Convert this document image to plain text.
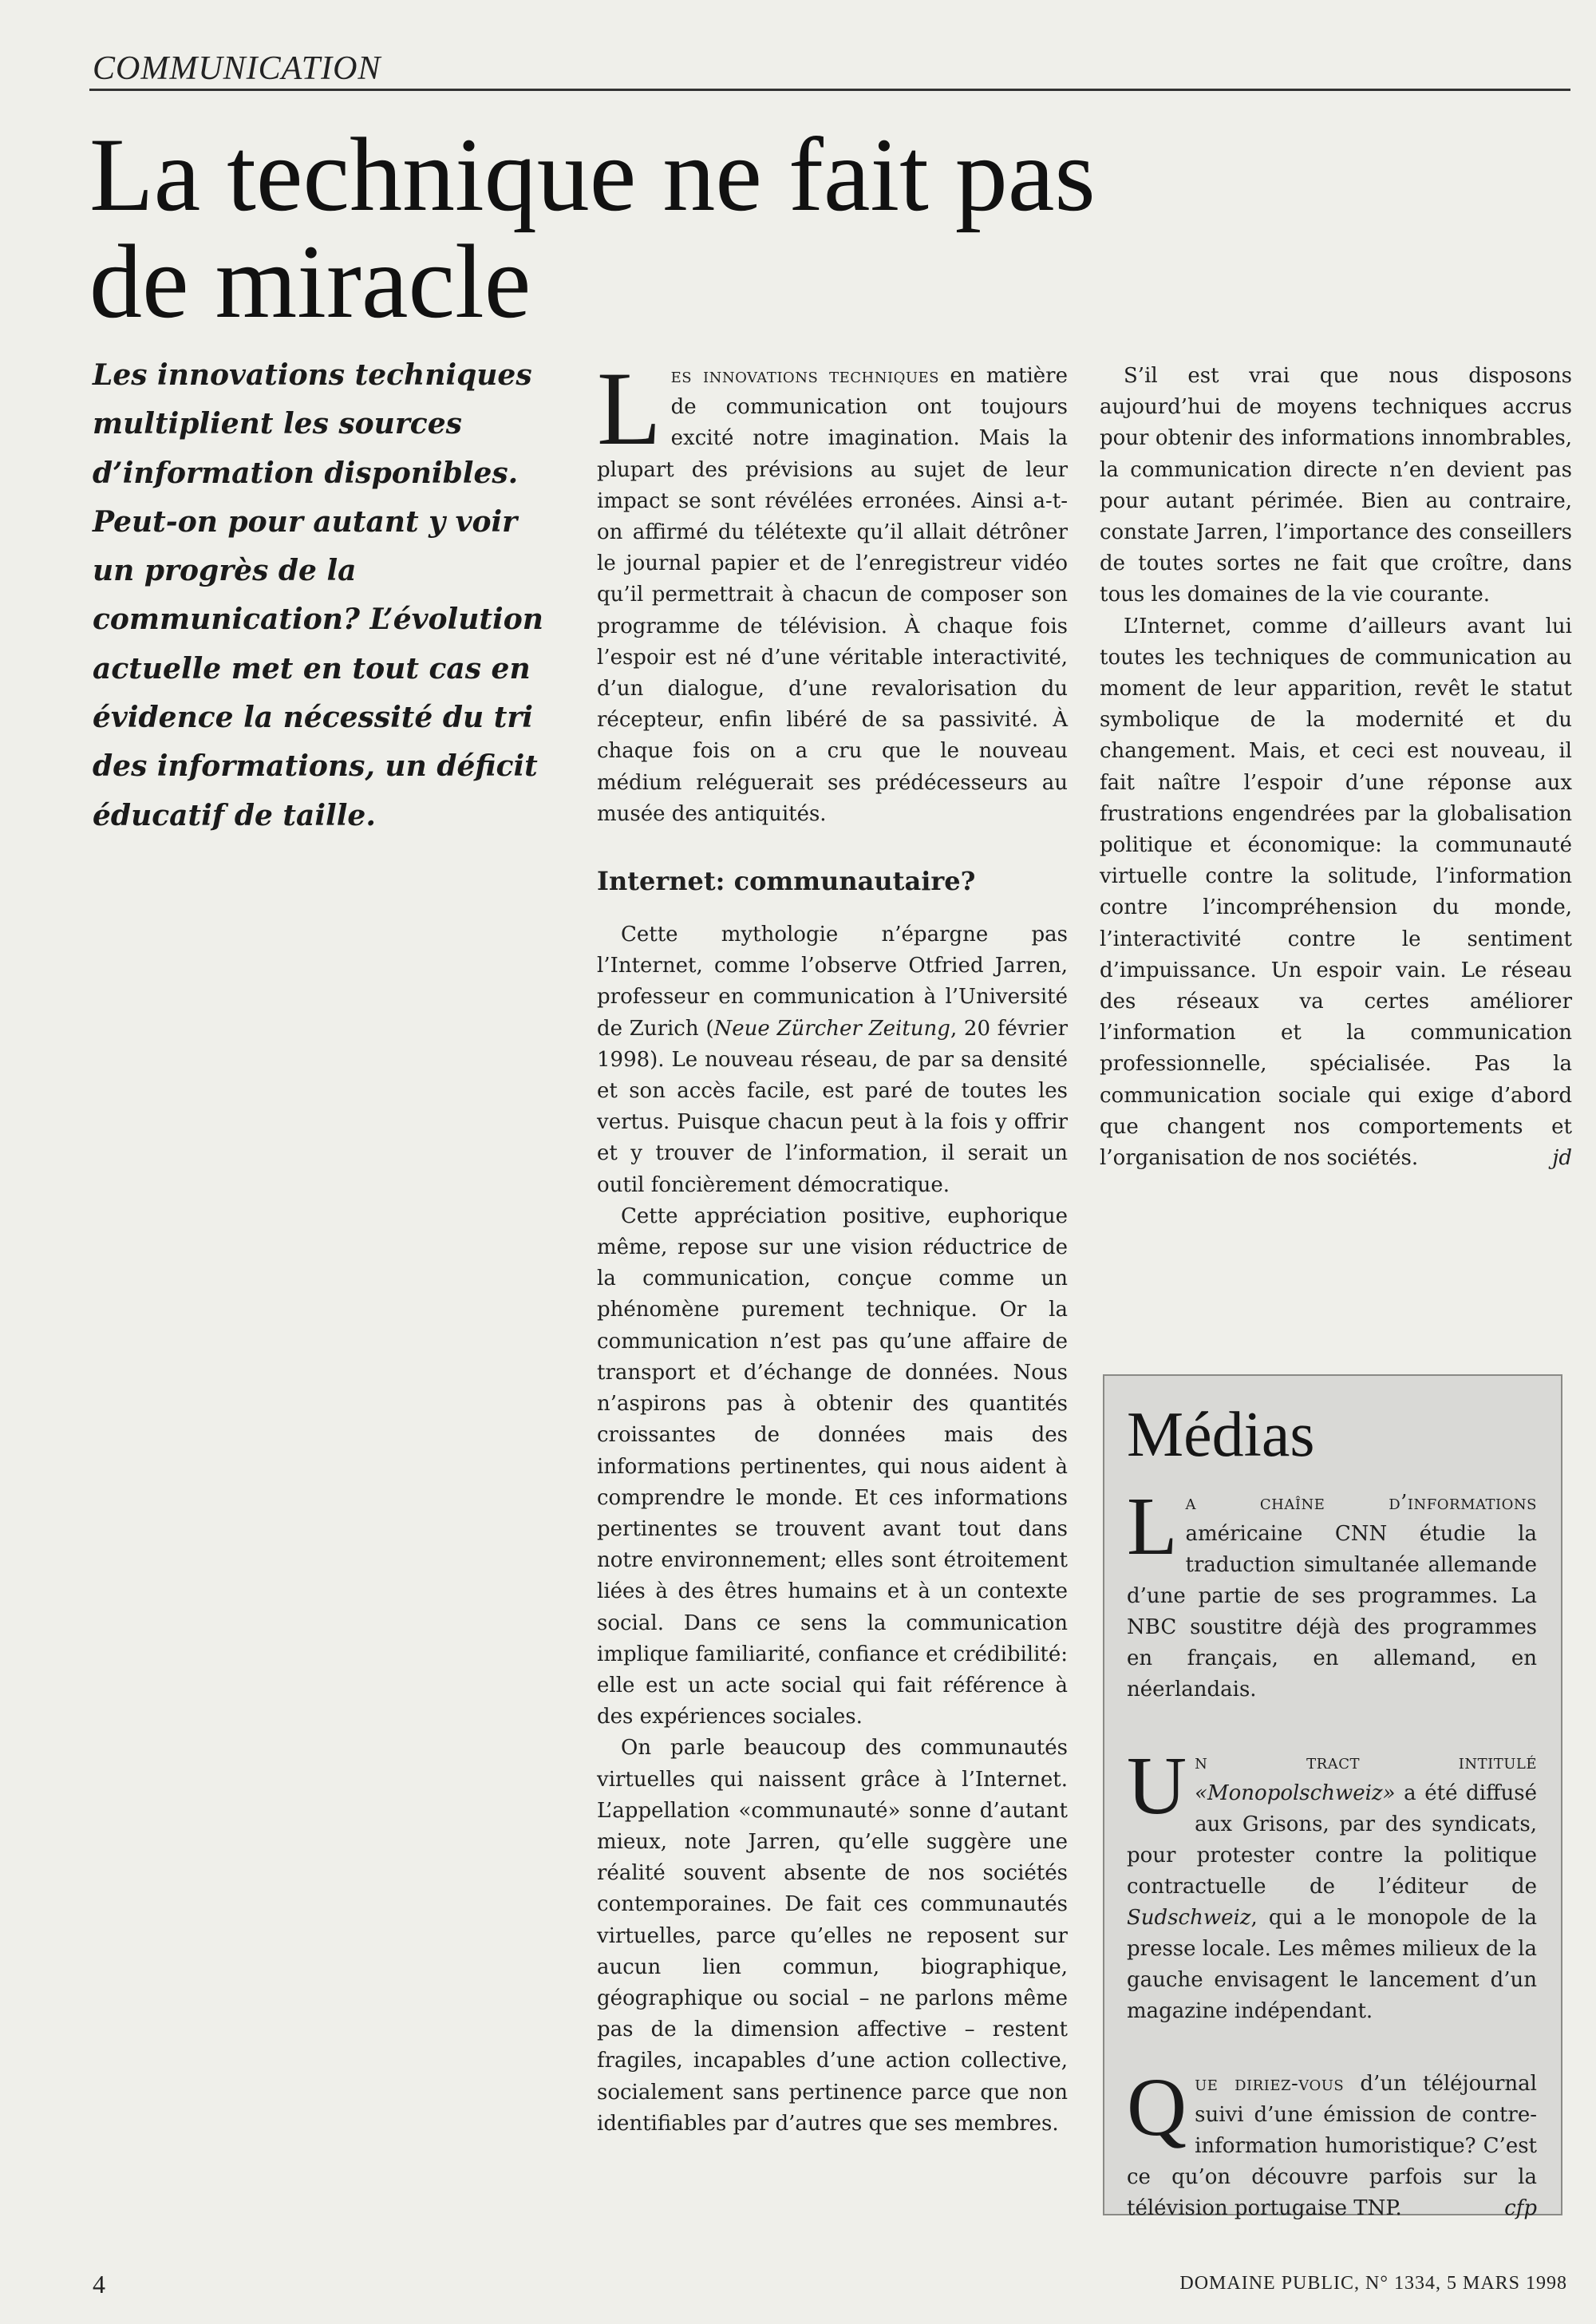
COMMUNICATION
La technique ne fait pas de miracle
Les innovations techniques multiplient les sources d’information disponibles. Peut-on pour autant y voir un progrès de la communication? L’évolution actuelle met en tout cas en évidence la nécessité du tri des informations, un déficit éducatif de taille.

Les innovations techniques en matière de communication ont toujours excité notre imagination. Mais la plupart des prévisions au sujet de leur impact se sont révélées erronées. Ainsi a-t-on affirmé du télétexte qu’il allait détrôner le journal papier et de l’enregistreur vidéo qu’il permettrait à chacun de composer son programme de télévision. À chaque fois l’espoir est né d’une véritable interactivité, d’un dialogue, d’une revalorisation du récepteur, enfin libéré de sa passivité. À chaque fois on a cru que le nouveau médium reléguerait ses prédécesseurs au musée des antiquités.

Internet: communautaire?

Cette mythologie n’épargne pas l’Internet, comme l’observe Otfried Jarren, professeur en communication à l’Université de Zurich (Neue Zürcher Zeitung, 20 février 1998). Le nouveau réseau, de par sa densité et son accès facile, est paré de toutes les vertus. Puisque chacun peut à la fois y offrir et y trouver de l’information, il serait un outil foncièrement démocratique.

Cette appréciation positive, euphorique même, repose sur une vision réductrice de la communication, conçue comme un phénomène purement technique. Or la communication n’est pas qu’une affaire de transport et d’échange de données. Nous n’aspirons pas à obtenir des quantités croissantes de données mais des informations pertinentes, qui nous aident à comprendre le monde. Et ces informations pertinentes se trouvent avant tout dans notre environnement; elles sont étroitement liées à des êtres humains et à un contexte social. Dans ce sens la communication implique familiarité, confiance et crédibilité: elle est un acte social qui fait référence à des expériences sociales.

On parle beaucoup des communautés virtuelles qui naissent grâce à l’Internet. L’appellation «communauté» sonne d’autant mieux, note Jarren, qu’elle suggère une réalité souvent absente de nos sociétés contemporaines. De fait ces communautés virtuelles, parce qu’elles ne reposent sur aucun lien commun, biographique, géographique ou social – ne parlons même pas de la dimension affective – restent fragiles, incapables d’une action collective, socialement sans pertinence parce que non identifiables par d’autres que ses membres.

S’il est vrai que nous disposons aujourd’hui de moyens techniques accrus pour obtenir des informations innombrables, la communication directe n’en devient pas pour autant périmée. Bien au contraire, constate Jarren, l’importance des conseillers de toutes sortes ne fait que croître, dans tous les domaines de la vie courante.

L’Internet, comme d’ailleurs avant lui toutes les techniques de communication au moment de leur apparition, revêt le statut symbolique de la modernité et du changement. Mais, et ceci est nouveau, il fait naître l’espoir d’une réponse aux frustrations engendrées par la globalisation politique et économique: la communauté virtuelle contre la solitude, l’information contre l’incompréhension du monde, l’interactivité contre le sentiment d’impuissance. Un espoir vain. Le réseau des réseaux va certes améliorer l’information et la communication professionnelle, spécialisée. Pas la communication sociale qui exige d’abord que changent nos comportements et l’organisation de nos sociétés.	jd

Médias
La chaîne d’informations américaine CNN étudie la traduction simultanée allemande d’une partie de ses programmes. La NBC soustitre déjà des programmes en français, en allemand, en néerlandais.
Un tract intitulé «Monopolschweiz» a été diffusé aux Grisons, par des syndicats, pour protester contre la politique contractuelle de l’éditeur de Sudschweiz, qui a le monopole de la presse locale. Les mêmes milieux de la gauche envisagent le lancement d’un magazine indépendant.
Que diriez-vous d’un téléjournal suivi d’une émission de contre-information humoristique? C’est ce qu’on découvre parfois sur la télévision portugaise TNP.	cfp
4	DOMAINE PUBLIC, N° 1334, 5 MARS 1998
